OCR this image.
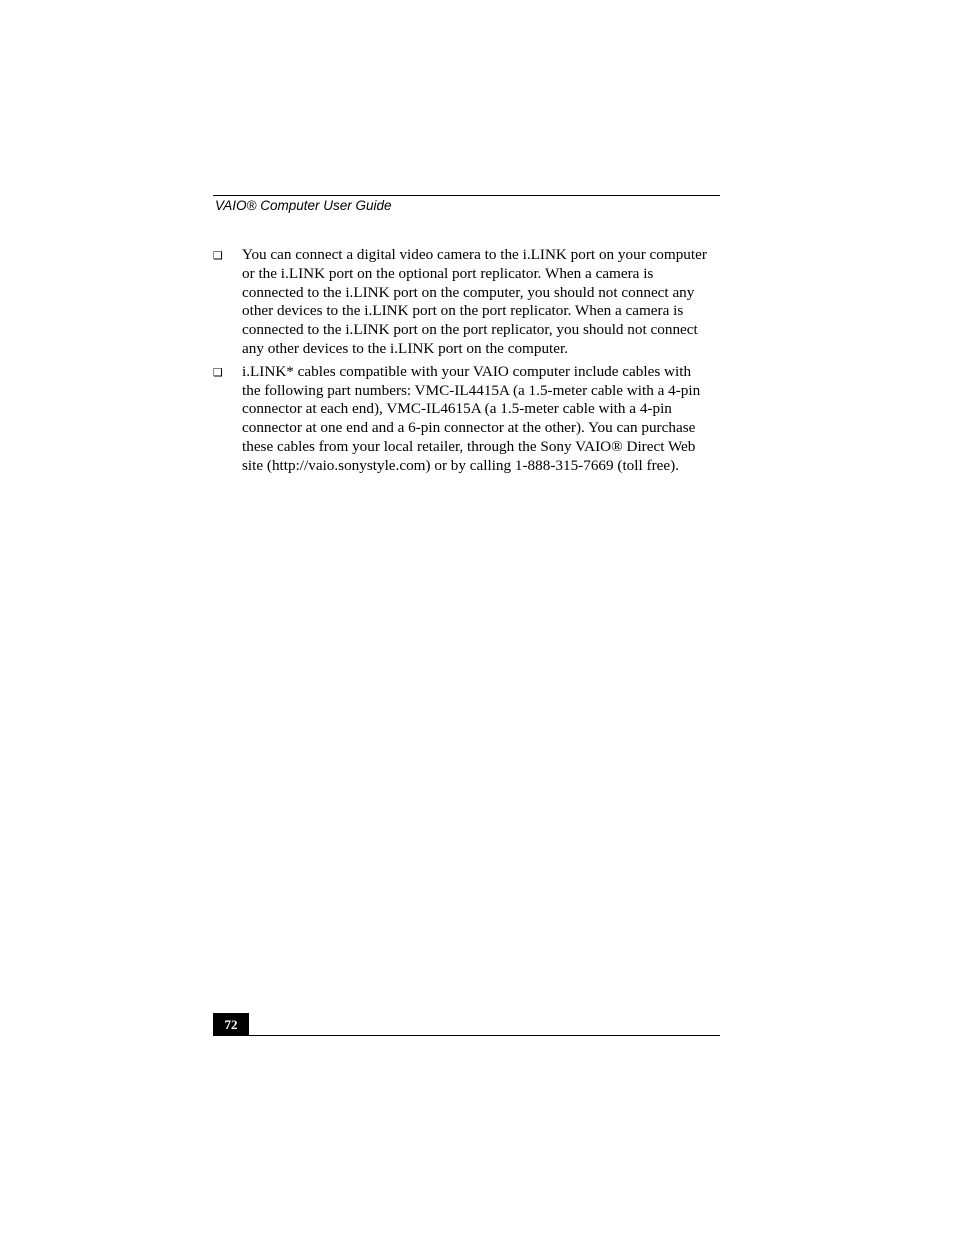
VAIO® Computer User Guide
❑ You can connect a digital video camera to the i.LINK port on your computer
or the i.LINK port on the optional port replicator. When a camera is
connected to the i.LINK port on the computer, you should not connect any
other devices to the i.LINK port on the port replicator. When a camera is
connected to the i.LINK port on the port replicator, you should not connect
any other devices to the i.LINK port on the computer.
❑ i.LINK* cables compatible with your VAIO computer include cables with
the following part numbers: VMC-IL4415A (a 1.5-meter cable with a 4-pin
connector at each end), VMC-IL4615A (a 1.5-meter cable with a 4-pin
connector at one end and a 6-pin connector at the other). You can purchase
these cables from your local retailer, through the Sony VAIO® Direct Web
site (http://vaio.sonystyle.com) or by calling 1-888-315-7669 (toll free).
72
